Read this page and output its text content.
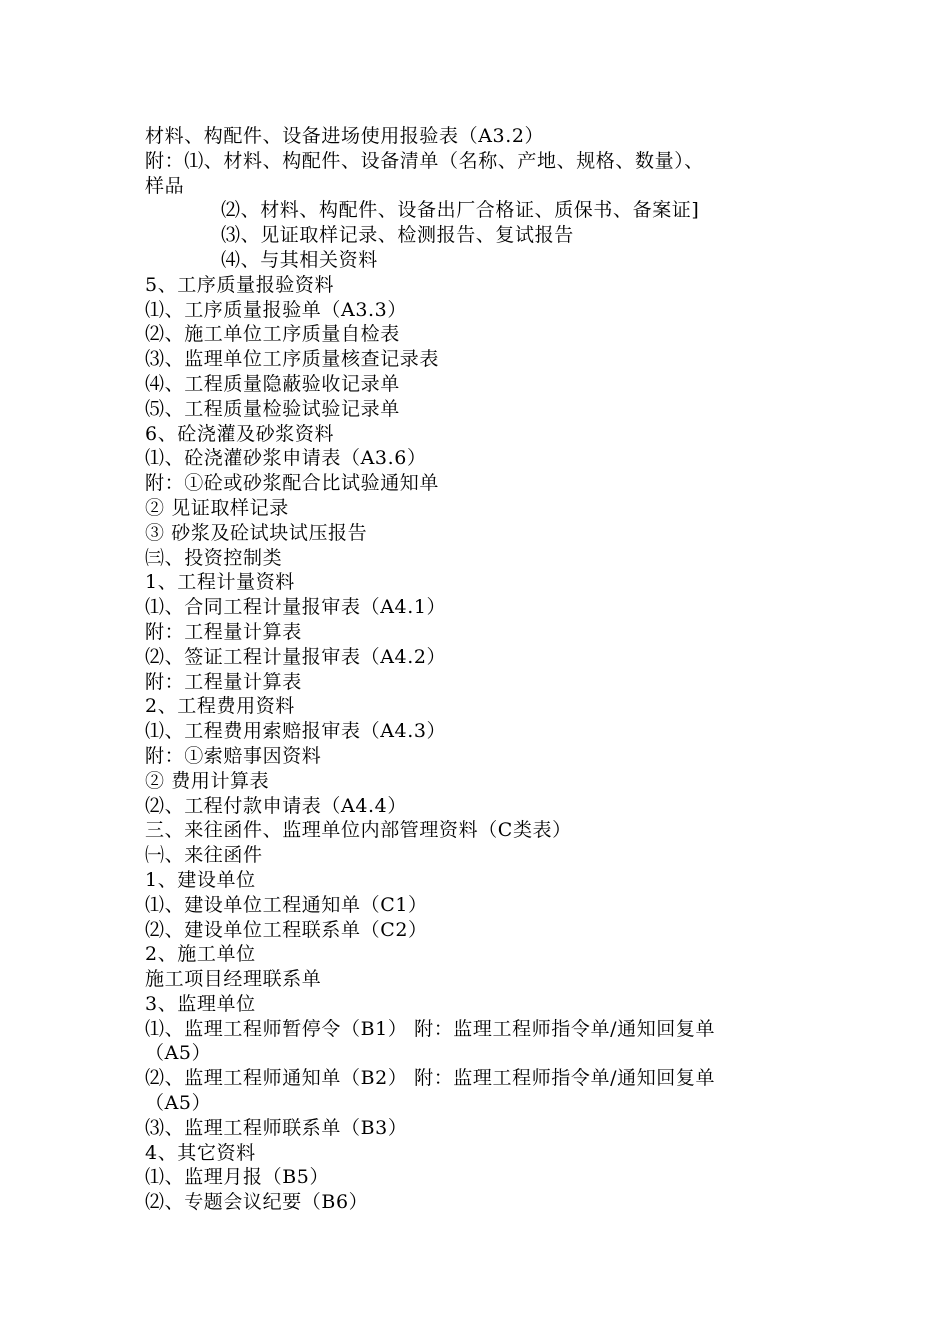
材料、构配件、设备进场使用报验表（A3.2）
附：⑴、材料、构配件、设备清单（名称、产地、规格、数量）、
样品
⑵、材料、构配件、设备出厂合格证、质保书、备案证]
⑶、见证取样记录、检测报告、复试报告
⑷、与其相关资料
5、工序质量报验资料
⑴、工序质量报验单（A3.3）
⑵、施工单位工序质量自检表
⑶、监理单位工序质量核查记录表
⑷、工程质量隐蔽验收记录单
⑸、工程质量检验试验记录单
6、砼浇灌及砂浆资料
⑴、砼浇灌砂浆申请表（A3.6）
附：①砼或砂浆配合比试验通知单
② 见证取样记录
③ 砂浆及砼试块试压报告
㈢、投资控制类
1、工程计量资料
⑴、合同工程计量报审表（A4.1）
附：工程量计算表
⑵、签证工程计量报审表（A4.2）
附：工程量计算表
2、工程费用资料
⑴、工程费用索赔报审表（A4.3）
附：①索赔事因资料
② 费用计算表
⑵、工程付款申请表（A4.4）
三、来往函件、监理单位内部管理资料（C类表）
㈠、来往函件
1、建设单位
⑴、建设单位工程通知单（C1）
⑵、建设单位工程联系单（C2）
2、施工单位
施工项目经理联系单
3、监理单位
⑴、监理工程师暂停令（B1） 附：监理工程师指令单/通知回复单
（A5）
⑵、监理工程师通知单（B2） 附：监理工程师指令单/通知回复单
（A5）
⑶、监理工程师联系单（B3）
4、其它资料
⑴、监理月报（B5）
⑵、专题会议纪要（B6）
